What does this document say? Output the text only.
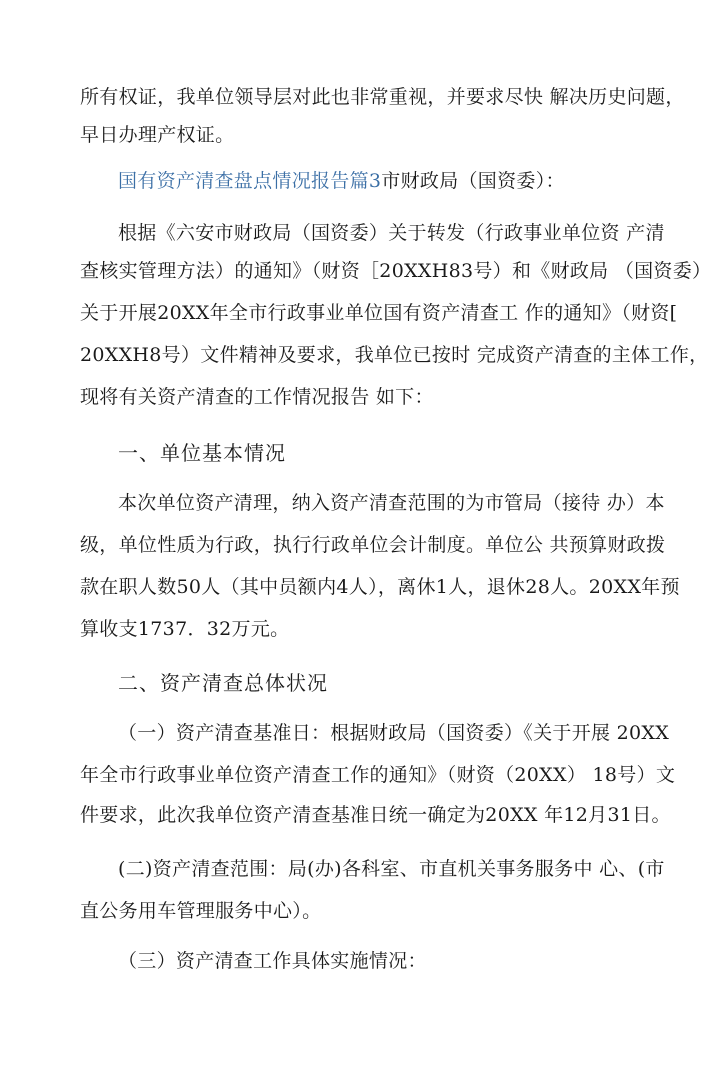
所有权证，我单位领导层对此也非常重视，并要求尽快 解决历史问题，
早日办理产权证。
国有资产清查盘点情况报告篇3市财政局（国资委）：
根据《六安市财政局（国资委）关于转发（行政事业单位资 产清
查核实管理方法）的通知》（财资［20XXH83号）和《财政局 （国资委）
关于开展20XX年全市行政事业单位国有资产清查工 作的通知》（财资[
20XXH8号）文件精神及要求，我单位已按时 完成资产清查的主体工作，
现将有关资产清查的工作情况报告 如下：
一、单位基本情况
本次单位资产清理，纳入资产清查范围的为市管局（接待 办）本
级，单位性质为行政，执行行政单位会计制度。单位公 共预算财政拨
款在职人数50人（其中员额内4人），离休1人，退休28人。20XX年预
算收支1737．32万元。
二、资产清查总体状况
（一）资产清查基准日：根据财政局（国资委）《关于开展 20XX
年全市行政事业单位资产清查工作的通知》（财资（20XX） 18号）文
件要求，此次我单位资产清查基准日统一确定为20XX 年12月31日。
(二)资产清查范围：局(办)各科室、市直机关事务服务中 心、(市
直公务用车管理服务中心）。
（三）资产清查工作具体实施情况：
